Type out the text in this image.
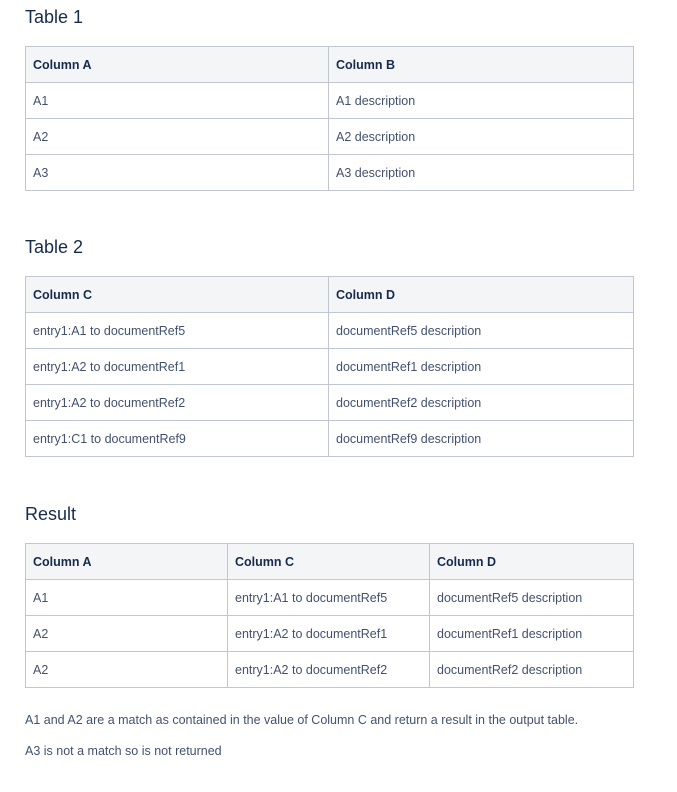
Table 1
Column A	Column B
A1	A1 description
A2	A2 description
A3	A3 description
Table 2
Column C	Column D
entry1:A1 to documentRef5	documentRef5 description
entry1:A2 to documentRef1	documentRef1 description
entry1:A2 to documentRef2	documentRef2 description
entry1:C1 to documentRef9	documentRef9 description
Result
Column A	Column C	Column D
A1	entry1:A1 to documentRef5	documentRef5 description
A2	entry1:A2 to documentRef1	documentRef1 description
A2	entry1:A2 to documentRef2	documentRef2 description

A1 and A2 are a match as contained in the value of Column C and return a result in the output table.

A3 is not a match so is not returned
